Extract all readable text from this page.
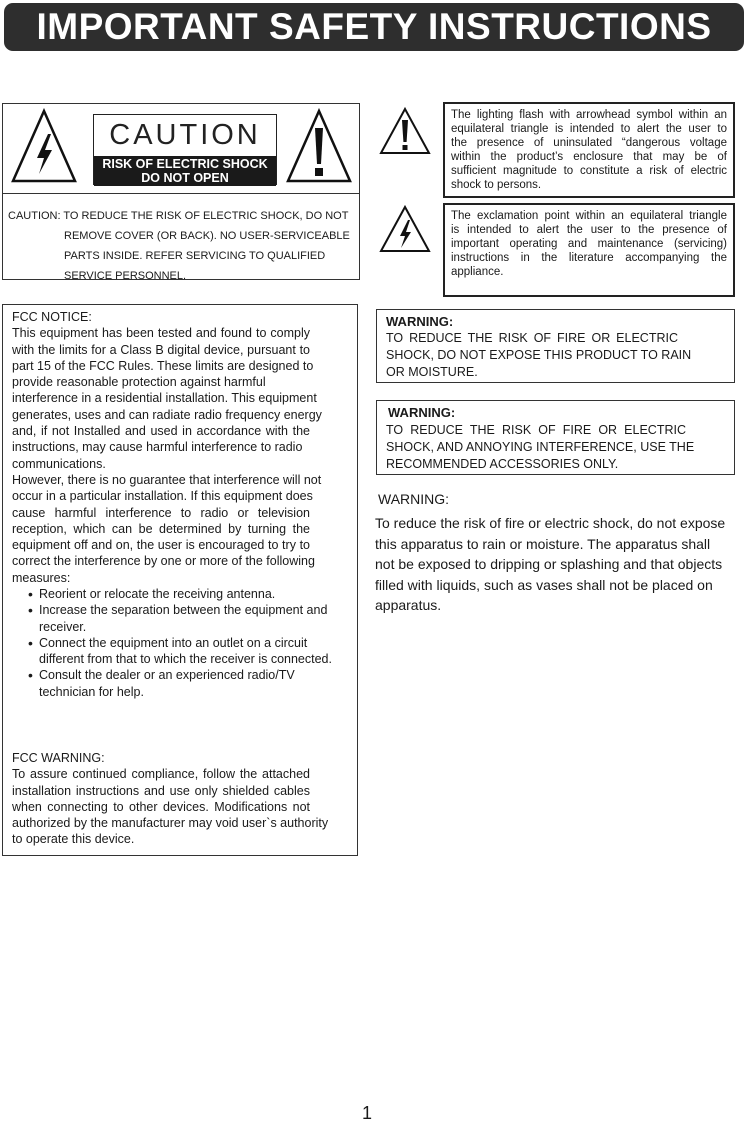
IMPORTANT SAFETY INSTRUCTIONS
CAUTION
RISK OF ELECTRIC SHOCK
DO NOT OPEN
CAUTION: TO REDUCE THE RISK OF ELECTRIC SHOCK, DO NOT
REMOVE COVER (OR BACK). NO USER-SERVICEABLE
PARTS INSIDE. REFER SERVICING TO QUALIFIED
SERVICE PERSONNEL.
The lighting flash with arrowhead symbol within an
equilateral triangle is intended to alert the user to
the presence of uninsulated “dangerous voltage
within the product’s enclosure that may be of
sufficient magnitude to constitute a risk of electric
shock to persons.
The exclamation point within an equilateral triangle
is intended to alert the user to the presence of
important operating and maintenance (servicing)
instructions in the literature accompanying the
appliance.
FCC NOTICE:
This equipment has been tested and found to comply
with the limits for a Class B digital device, pursuant to
part 15 of the FCC Rules. These limits are designed to
provide reasonable protection against harmful
interference in a residential installation. This equipment
generates, uses and can radiate radio frequency energy
and, if not Installed and used in accordance with the
instructions, may cause harmful interference to radio
communications.
However, there is no guarantee that interference will not
occur in a particular installation. If this equipment does
cause harmful interference to radio or television
reception, which can be determined by turning the
equipment off and on, the user is encouraged to try to
correct the interference by one or more of the following
measures:
• Reorient or relocate the receiving antenna.
• Increase the separation between the equipment and
receiver.
• Connect the equipment into an outlet on a circuit
different from that to which the receiver is connected.
• Consult the dealer or an experienced radio/TV
technician for help.
FCC WARNING:
To assure continued compliance, follow the attached
installation instructions and use only shielded cables
when connecting to other devices. Modifications not
authorized by the manufacturer may void user`s authority
to operate this device.
WARNING:
TO REDUCE THE RISK OF FIRE OR ELECTRIC
SHOCK, DO NOT EXPOSE THIS PRODUCT TO RAIN
OR MOISTURE.
WARNING:
TO REDUCE THE RISK OF FIRE OR ELECTRIC
SHOCK, AND ANNOYING INTERFERENCE, USE THE
RECOMMENDED ACCESSORIES ONLY.
WARNING:
To reduce the risk of fire or electric shock, do not expose
this apparatus to rain or moisture. The apparatus shall
not be exposed to dripping or splashing and that objects
filled with liquids, such as vases shall not be placed on
apparatus.
1
